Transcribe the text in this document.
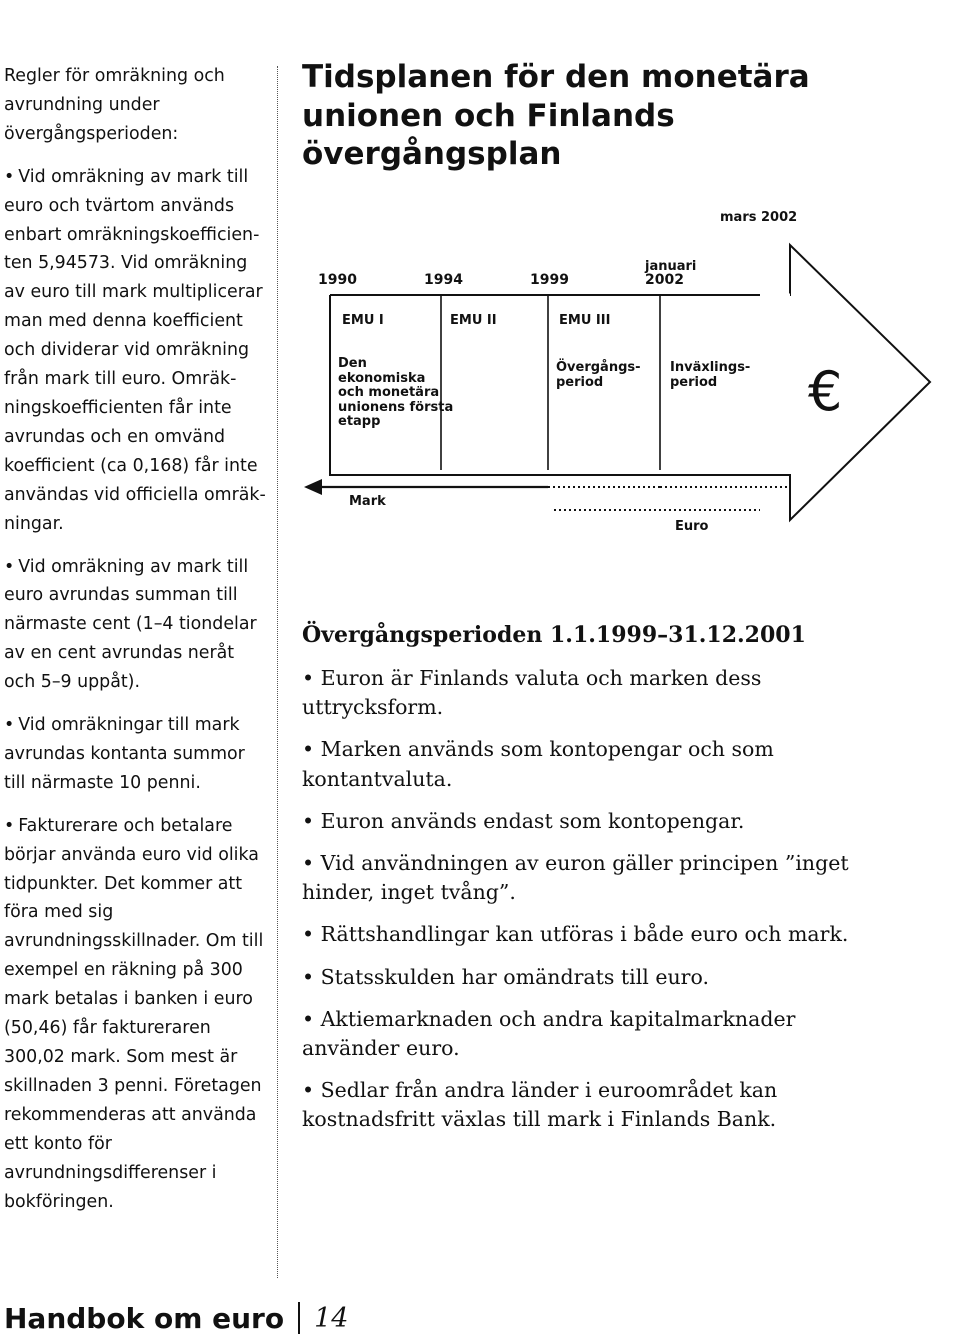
Regler för omräkning och avrundning under övergångsperioden:
• Vid omräkning av mark till euro och tvärtom används enbart omräkningskoefficienten 5,94573. Vid omräkning av euro till mark multiplicerar man med denna koefficient och dividerar vid omräkning från mark till euro. Omräkningskoefficienten får inte avrundas och en omvänd koefficient (ca 0,168) får inte användas vid officiella omräkningar.
• Vid omräkning av mark till euro avrundas summan till närmaste cent (1–4 tiondelar av en cent avrundas neråt och 5–9 uppåt).
• Vid omräkningar till mark avrundas kontanta summor till närmaste 10 penni.
• Fakturerare och betalare börjar använda euro vid olika tidpunkter. Det kommer att föra med sig avrundningsskillnader. Om till exempel en räkning på 300 mark betalas i banken i euro (50,46) får faktureraren 300,02 mark. Som mest är skillnaden 3 penni. Företagen rekommenderas att använda ett konto för avrundningsdifferenser i bokföringen.
Tidsplanen för den monetära unionen och Finlands övergångsplan
1990	1994	1999
januari
2002
mars 2002
EMU I	EMU II	EMU III
Den
ekonomiska
och monetära
unionens första
etapp
Övergångs-
period
Inväxlings-
period €
Mark
Euro
Övergångsperioden 1.1.1999–31.12.2001
• Euron är Finlands valuta och marken dess uttrycksform.
• Marken används som kontopengar och som kontantvaluta.
• Euron används endast som kontopengar.
• Vid användningen av euron gäller principen ”inget hinder, inget tvång”.
• Rättshandlingar kan utföras i både euro och mark.
• Statsskulden har omändrats till euro.
• Aktiemarknaden och andra kapitalmarknader använder euro.
• Sedlar från andra länder i euroområdet kan kostnadsfritt växlas till mark i Finlands Bank.
Handbok om euro 14
